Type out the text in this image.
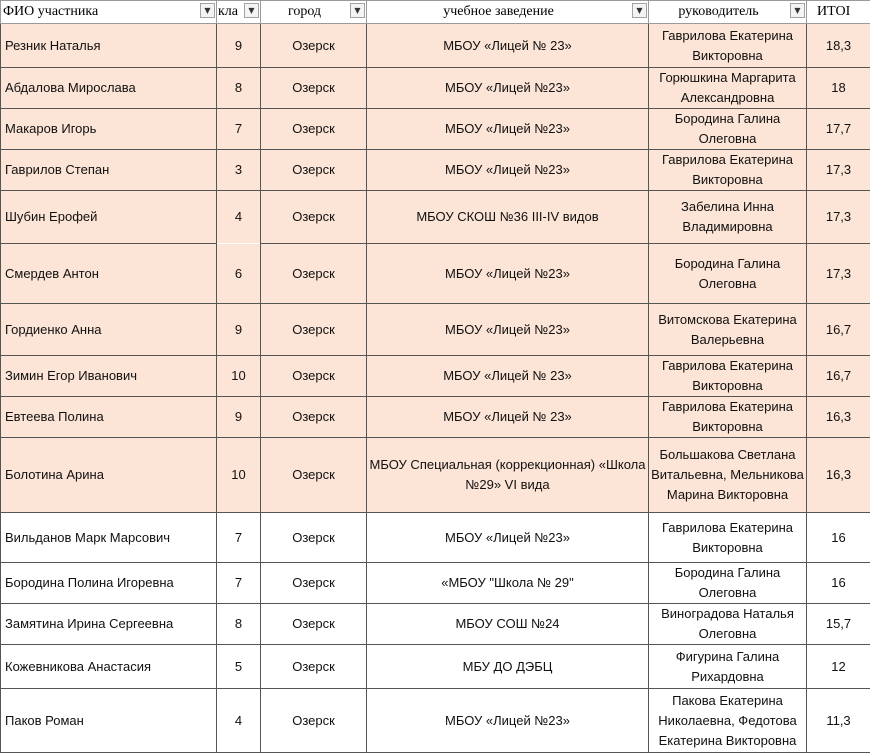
ФИО участника ▼	кла ▼	город ▼	учебное заведение ▼	руководитель ▼	ИТОІ

Резник Наталья	9	Озерск	МБОУ «Лицей № 23»	Гаврилова Екатерина Викторовна	18,3
Абдалова Мирослава	8	Озерск	МБОУ «Лицей №23»	Горюшкина Маргарита Александровна	18
Макаров Игорь	7	Озерск	МБОУ «Лицей №23»	Бородина Галина Олеговна	17,7
Гаврилов Степан	3	Озерск	МБОУ «Лицей №23»	Гаврилова Екатерина Викторовна	17,3
Шубин Ерофей	4	Озерск	МБОУ СКОШ №36 III-IV видов	Забелина Инна Владимировна	17,3
Смердев Антон	6	Озерск	МБОУ «Лицей №23»	Бородина Галина Олеговна	17,3
Гордиенко Анна	9	Озерск	МБОУ «Лицей №23»	Витомскова Екатерина Валерьевна	16,7
Зимин Егор Иванович	10	Озерск	МБОУ «Лицей № 23»	Гаврилова Екатерина Викторовна	16,7
Евтеева Полина	9	Озерск	МБОУ «Лицей № 23»	Гаврилова Екатерина Викторовна	16,3
Болотина Арина	10	Озерск	МБОУ Специальная (коррекционная) «Школа №29» VI вида	Большакова Светлана Витальевна, Мельникова Марина Викторовна	16,3
Вильданов Марк Марсович	7	Озерск	МБОУ «Лицей №23»	Гаврилова Екатерина Викторовна	16
Бородина Полина Игоревна	7	Озерск	«МБОУ "Школа № 29"	Бородина Галина Олеговна	16
Замятина Ирина Сергеевна	8	Озерск	МБОУ СОШ №24	Виноградова Наталья Олеговна	15,7
Кожевникова Анастасия	5	Озерск	МБУ ДО ДЭБЦ	Фигурина Галина Рихардовна	12
Паков Роман	4	Озерск	МБОУ «Лицей №23»	Пакова Екатерина Николаевна, Федотова Екатерина Викторовна	11,3
